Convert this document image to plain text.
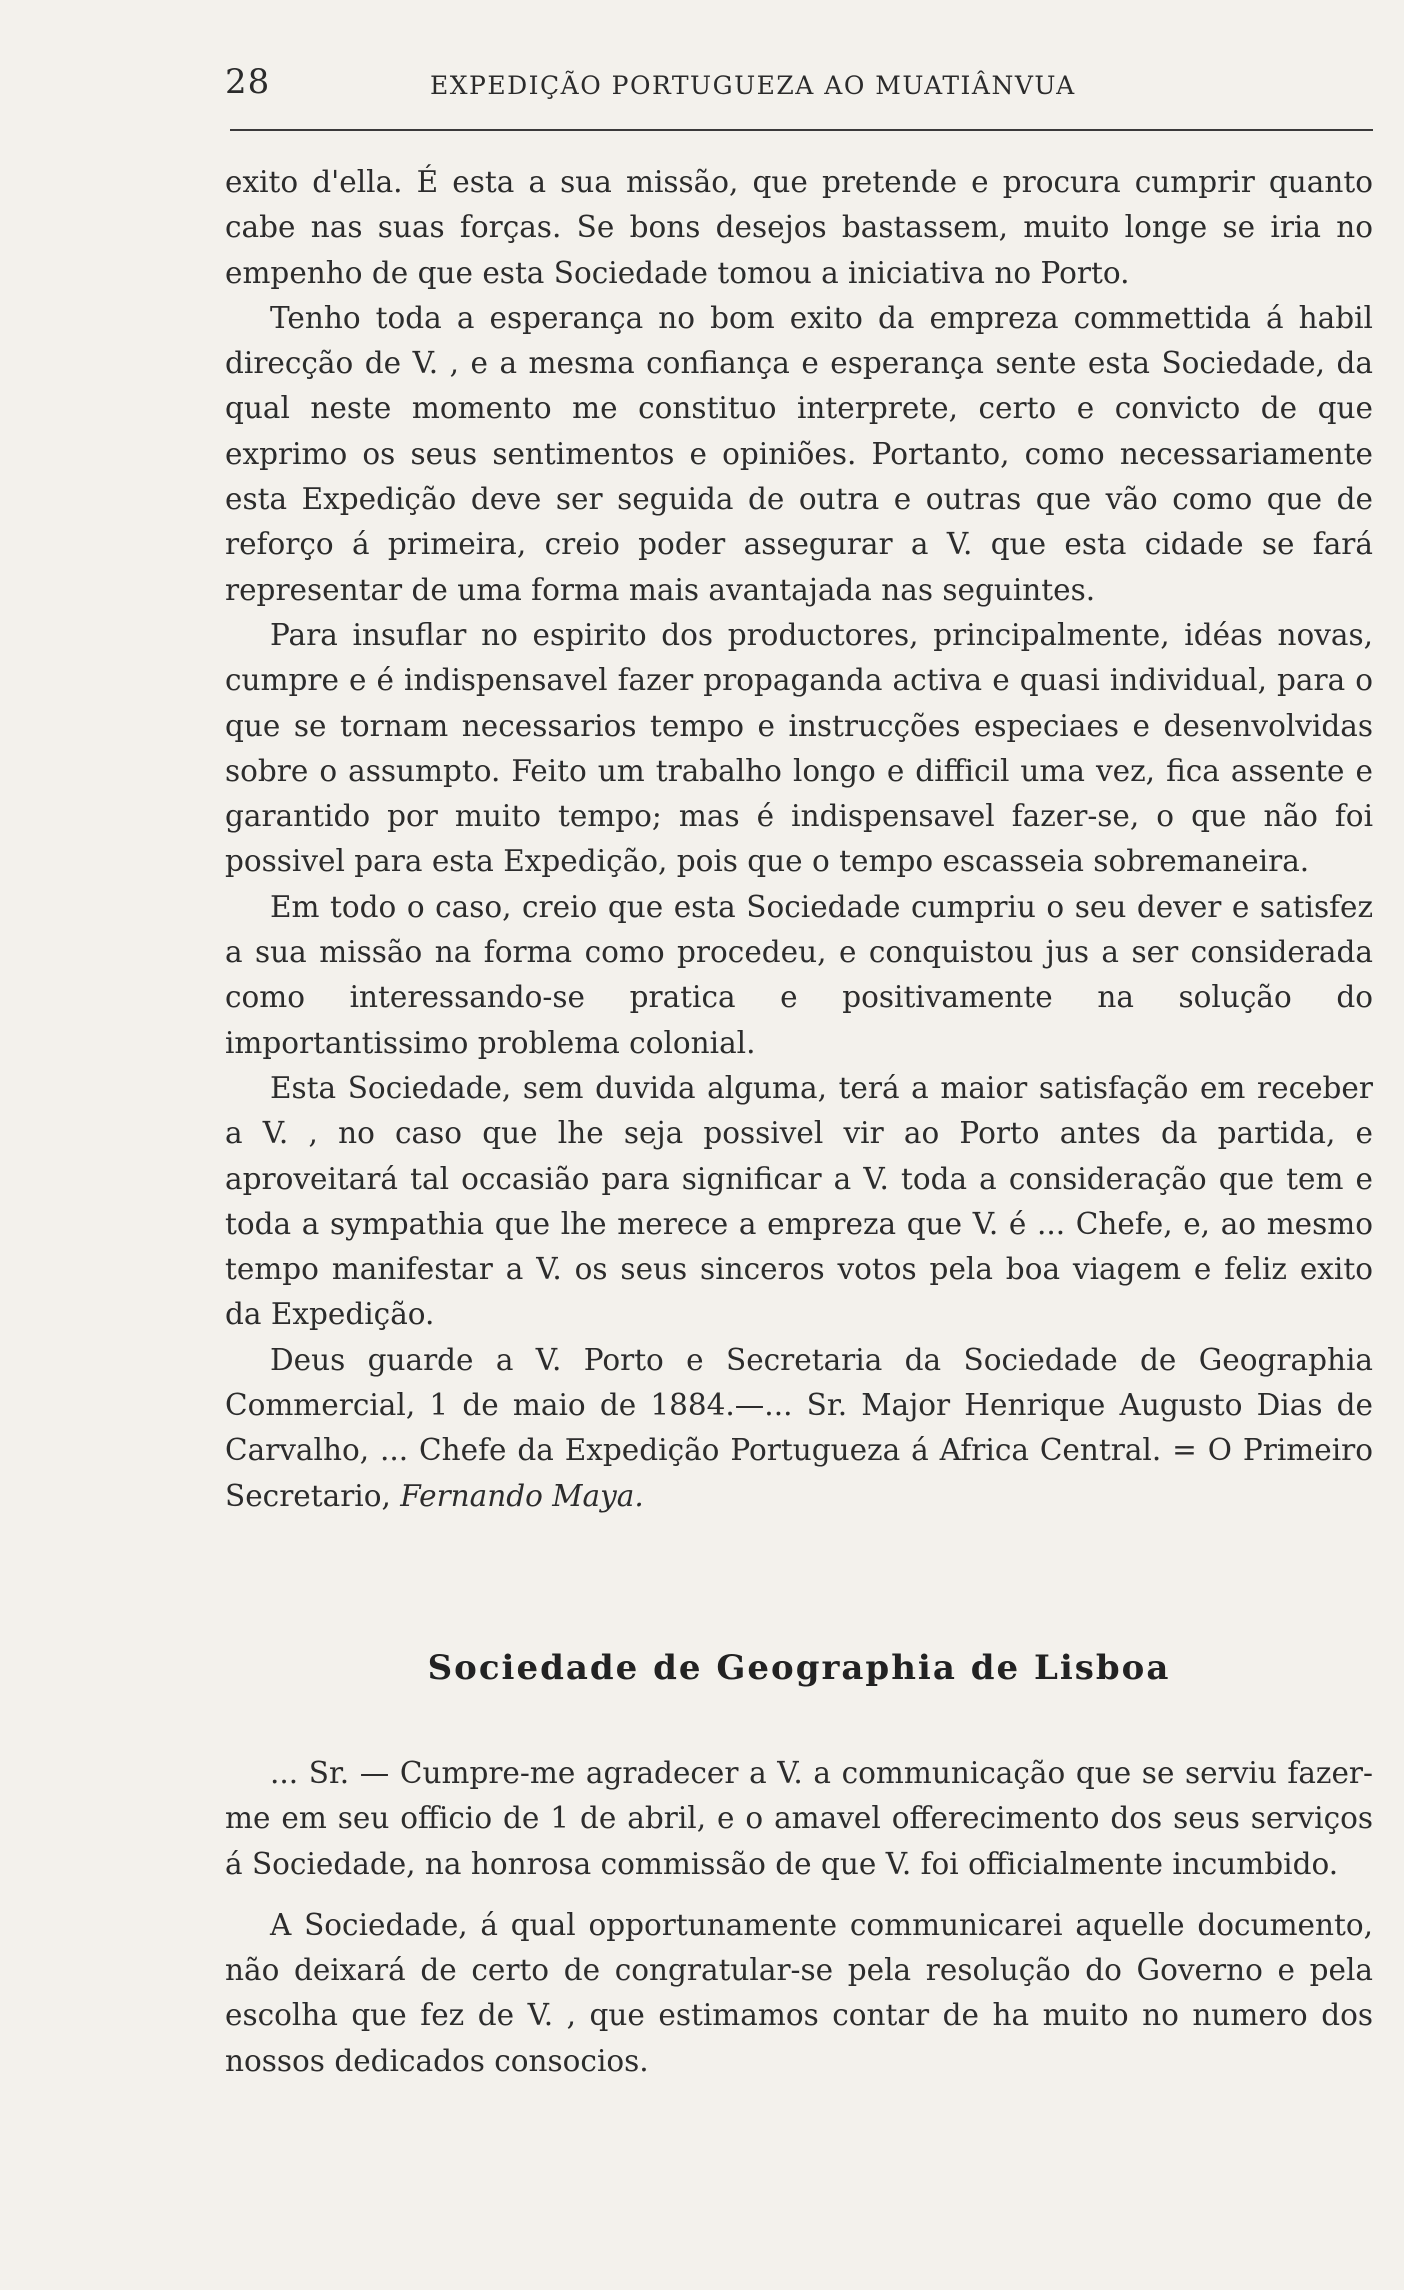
28	EXPEDIÇÃO PORTUGUEZA AO MUATIÂNVUA

exito d'ella. É esta a sua missão, que pretende e procura cumprir quanto cabe nas suas forças. Se bons desejos bastassem, muito longe se iria no empenho de que esta Sociedade tomou a iniciativa no Porto.

Tenho toda a esperança no bom exito da empreza commettida á habil direcção de V. , e a mesma confiança e esperança sente esta Sociedade, da qual neste momento me constituo interprete, certo e convicto de que exprimo os seus sentimentos e opiniões. Portanto, como necessariamente esta Expedição deve ser seguida de outra e outras que vão como que de reforço á primeira, creio poder assegurar a V. que esta cidade se fará representar de uma forma mais avantajada nas seguintes.

Para insuflar no espirito dos productores, principalmente, idéas novas, cumpre e é indispensavel fazer propaganda activa e quasi individual, para o que se tornam necessarios tempo e instrucções especiaes e desenvolvidas sobre o assumpto. Feito um trabalho longo e difficil uma vez, fica assente e garantido por muito tempo; mas é indispensavel fazer-se, o que não foi possivel para esta Expedição, pois que o tempo escasseia sobremaneira.

Em todo o caso, creio que esta Sociedade cumpriu o seu dever e satisfez a sua missão na forma como procedeu, e conquistou jus a ser considerada como interessando-se pratica e positivamente na solução do importantissimo problema colonial.

Esta Sociedade, sem duvida alguma, terá a maior satisfação em receber a V. , no caso que lhe seja possivel vir ao Porto antes da partida, e aproveitará tal occasião para significar a V. toda a consideração que tem e toda a sympathia que lhe merece a empreza que V. é ... Chefe, e, ao mesmo tempo manifestar a V. os seus sinceros votos pela boa viagem e feliz exito da Expedição.

Deus guarde a V. Porto e Secretaria da Sociedade de Geographia Commercial, 1 de maio de 1884.—... Sr. Major Henrique Augusto Dias de Carvalho, ... Chefe da Expedição Portugueza á Africa Central. = O Primeiro Secretario, Fernando Maya.

Sociedade de Geographia de Lisboa

... Sr. — Cumpre-me agradecer a V. a communicação que se serviu fazer-me em seu officio de 1 de abril, e o amavel offerecimento dos seus serviços á Sociedade, na honrosa commissão de que V. foi officialmente incumbido.

A Sociedade, á qual opportunamente communicarei aquelle documento, não deixará de certo de congratular-se pela resolução do Governo e pela escolha que fez de V. , que estimamos contar de ha muito no numero dos nossos dedicados consocios.
